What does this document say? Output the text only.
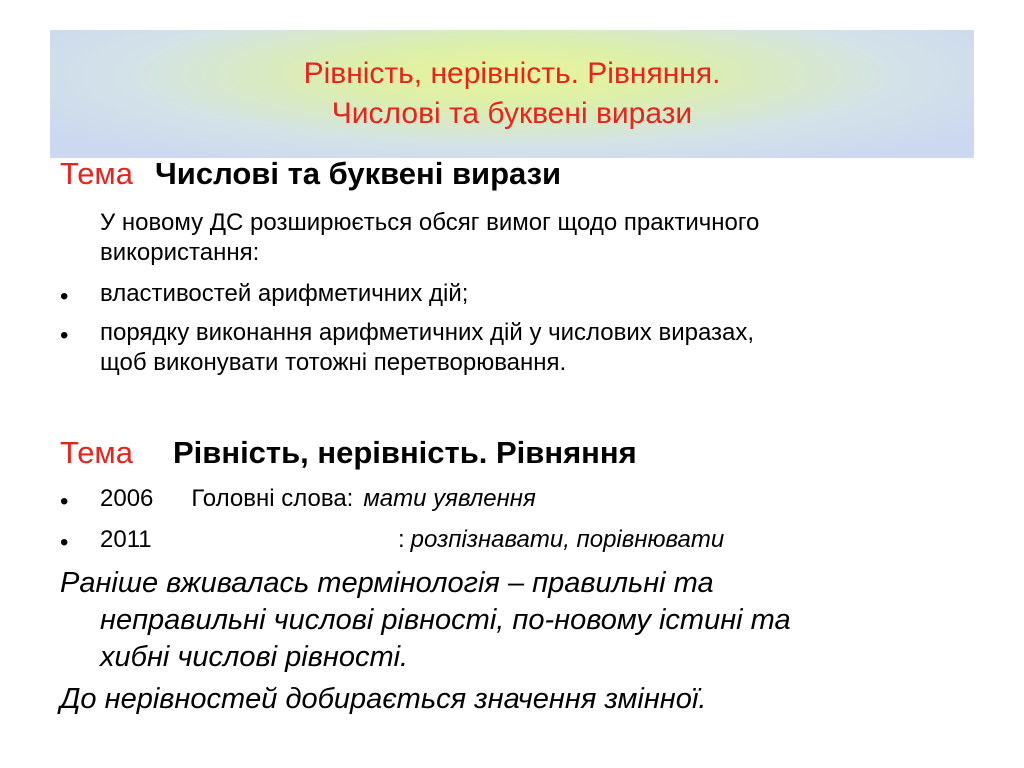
Рівність, нерівність. Рівняння.
Числові та буквені вирази
Тема Числові та буквені вирази
У новому ДС розширюється обсяг вимог щодо практичного
використання:
• властивостей арифметичних дій;
• порядку виконання арифметичних дій у числових виразах,
щоб виконувати тотожні перетворювання.
Тема Рівність, нерівність. Рівняння
• 2006 Головні слова: мати уявлення
• 2011	: розпізнавати, порівнювати
Раніше вживалась термінологія – правильні та
неправильні числові рівності, по-новому істині та
хибні числові рівності.
До нерівностей добирається значення змінної.
